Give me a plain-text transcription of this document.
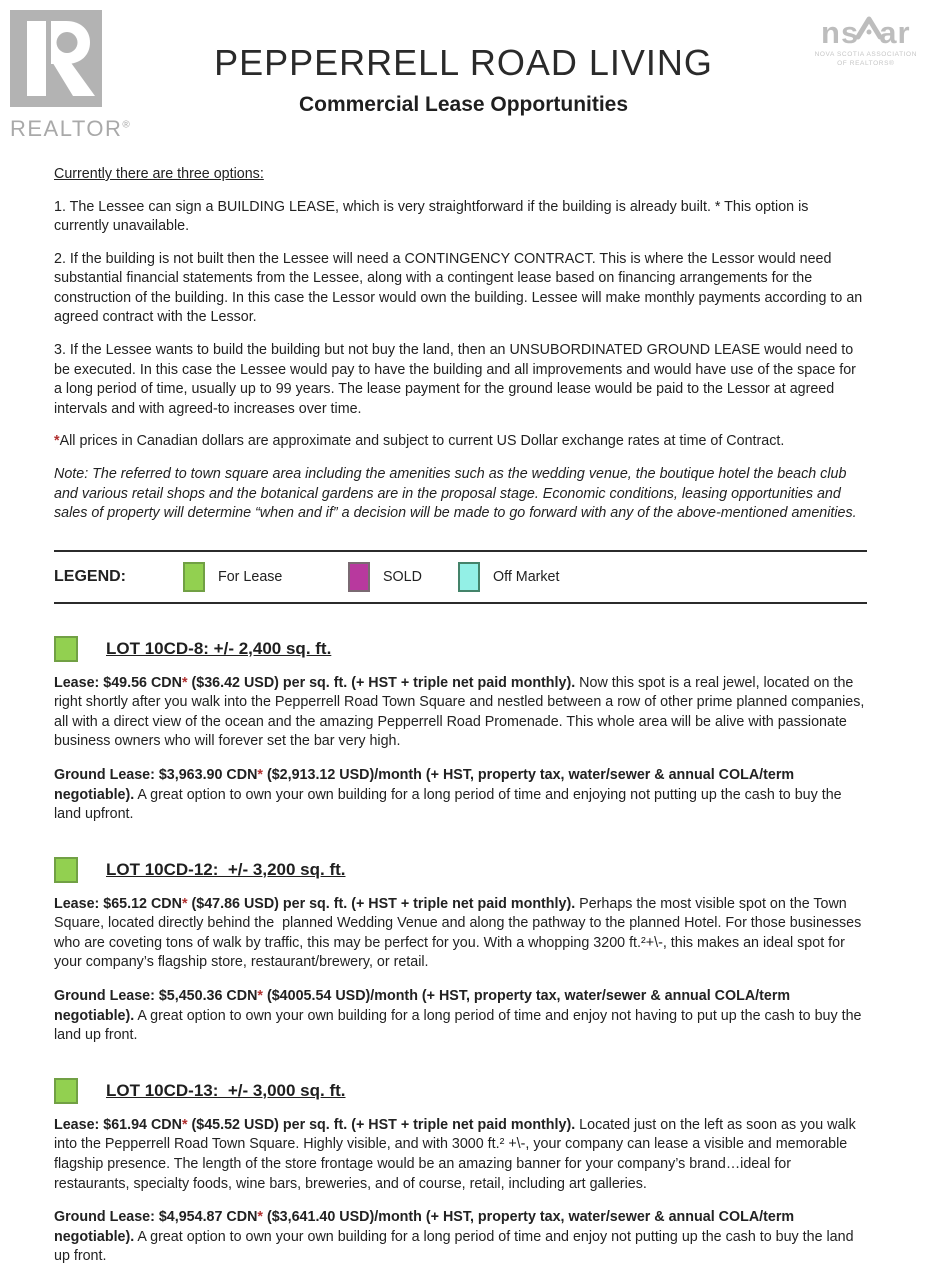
REALTOR®
PEPPERRELL ROAD LIVING
Commercial Lease Opportunities
ns ar
NOVA SCOTIA ASSOCIATION
OF REALTORS®

Currently there are three options:

1. The Lessee can sign a BUILDING LEASE, which is very straightforward if the building is already built. * This option is currently unavailable.

2. If the building is not built then the Lessee will need a CONTINGENCY CONTRACT. This is where the Lessor would need substantial financial statements from the Lessee, along with a contingent lease based on financing arrangements for the construction of the building. In this case the Lessor would own the building. Lessee will make monthly payments according to an agreed contract with the Lessor.

3. If the Lessee wants to build the building but not buy the land, then an UNSUBORDINATED GROUND LEASE would need to be executed. In this case the Lessee would pay to have the building and all improvements and would have use of the space for a long period of time, usually up to 99 years. The lease payment for the ground lease would be paid to the Lessor at agreed intervals and with agreed-to increases over time.

*All prices in Canadian dollars are approximate and subject to current US Dollar exchange rates at time of Contract.

Note: The referred to town square area including the amenities such as the wedding venue, the boutique hotel the beach club and various retail shops and the botanical gardens are in the proposal stage. Economic conditions, leasing opportunities and sales of property will determine “when and if” a decision will be made to go forward with any of the above-mentioned amenities.

LEGEND:	For Lease	SOLD	Off Market
LOT 10CD-8: +/- 2,400 sq. ft.

Lease: $49.56 CDN* ($36.42 USD) per sq. ft. (+ HST + triple net paid monthly). Now this spot is a real jewel, located on the right shortly after you walk into the Pepperrell Road Town Square and nestled between a row of other prime planned companies, all with a direct view of the ocean and the amazing Pepperrell Road Promenade. This whole area will be alive with passionate business owners who will forever set the bar very high.

Ground Lease: $3,963.90 CDN* ($2,913.12 USD)/month (+ HST, property tax, water/sewer & annual COLA/term negotiable). A great option to own your own building for a long period of time and enjoying not putting up the cash to buy the land upfront.

LOT 10CD-12:  +/- 3,200 sq. ft.

Lease: $65.12 CDN* ($47.86 USD) per sq. ft. (+ HST + triple net paid monthly). Perhaps the most visible spot on the Town Square, located directly behind the  planned Wedding Venue and along the pathway to the planned Hotel. For those businesses who are coveting tons of walk by traffic, this may be perfect for you. With a whopping 3200 ft.²+\-, this makes an ideal spot for your company’s flagship store, restaurant/brewery, or retail.

Ground Lease: $5,450.36 CDN* ($4005.54 USD)/month (+ HST, property tax, water/sewer & annual COLA/term negotiable). A great option to own your own building for a long period of time and enjoy not having to put up the cash to buy the land up front.

LOT 10CD-13:  +/- 3,000 sq. ft.

Lease: $61.94 CDN* ($45.52 USD) per sq. ft. (+ HST + triple net paid monthly). Located just on the left as soon as you walk into the Pepperrell Road Town Square. Highly visible, and with 3000 ft.² +\-, your company can lease a visible and memorable flagship presence. The length of the store frontage would be an amazing banner for your company’s brand…ideal for restaurants, specialty foods, wine bars, breweries, and of course, retail, including art galleries.

Ground Lease: $4,954.87 CDN* ($3,641.40 USD)/month (+ HST, property tax, water/sewer & annual COLA/term negotiable). A great option to own your own building for a long period of time and enjoy not putting up the cash to buy the land up front.
